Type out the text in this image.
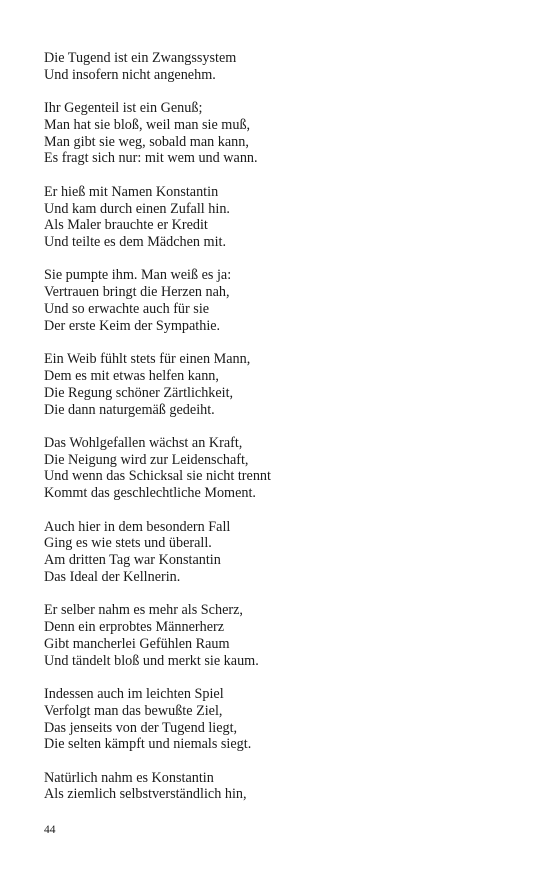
Die Tugend ist ein Zwangssystem
Und insofern nicht angenehm.
Ihr Gegenteil ist ein Genuß;
Man hat sie bloß, weil man sie muß,
Man gibt sie weg, sobald man kann,
Es fragt sich nur: mit wem und wann.
Er hieß mit Namen Konstantin
Und kam durch einen Zufall hin.
Als Maler brauchte er Kredit
Und teilte es dem Mädchen mit.
Sie pumpte ihm. Man weiß es ja:
Vertrauen bringt die Herzen nah,
Und so erwachte auch für sie
Der erste Keim der Sympathie.
Ein Weib fühlt stets für einen Mann,
Dem es mit etwas helfen kann,
Die Regung schöner Zärtlichkeit,
Die dann naturgemäß gedeiht.
Das Wohlgefallen wächst an Kraft,
Die Neigung wird zur Leidenschaft,
Und wenn das Schicksal sie nicht trennt
Kommt das geschlechtliche Moment.
Auch hier in dem besondern Fall
Ging es wie stets und überall.
Am dritten Tag war Konstantin
Das Ideal der Kellnerin.
Er selber nahm es mehr als Scherz,
Denn ein erprobtes Männerherz
Gibt mancherlei Gefühlen Raum
Und tändelt bloß und merkt sie kaum.
Indessen auch im leichten Spiel
Verfolgt man das bewußte Ziel,
Das jenseits von der Tugend liegt,
Die selten kämpft und niemals siegt.
Natürlich nahm es Konstantin
Als ziemlich selbstverständlich hin,
44
